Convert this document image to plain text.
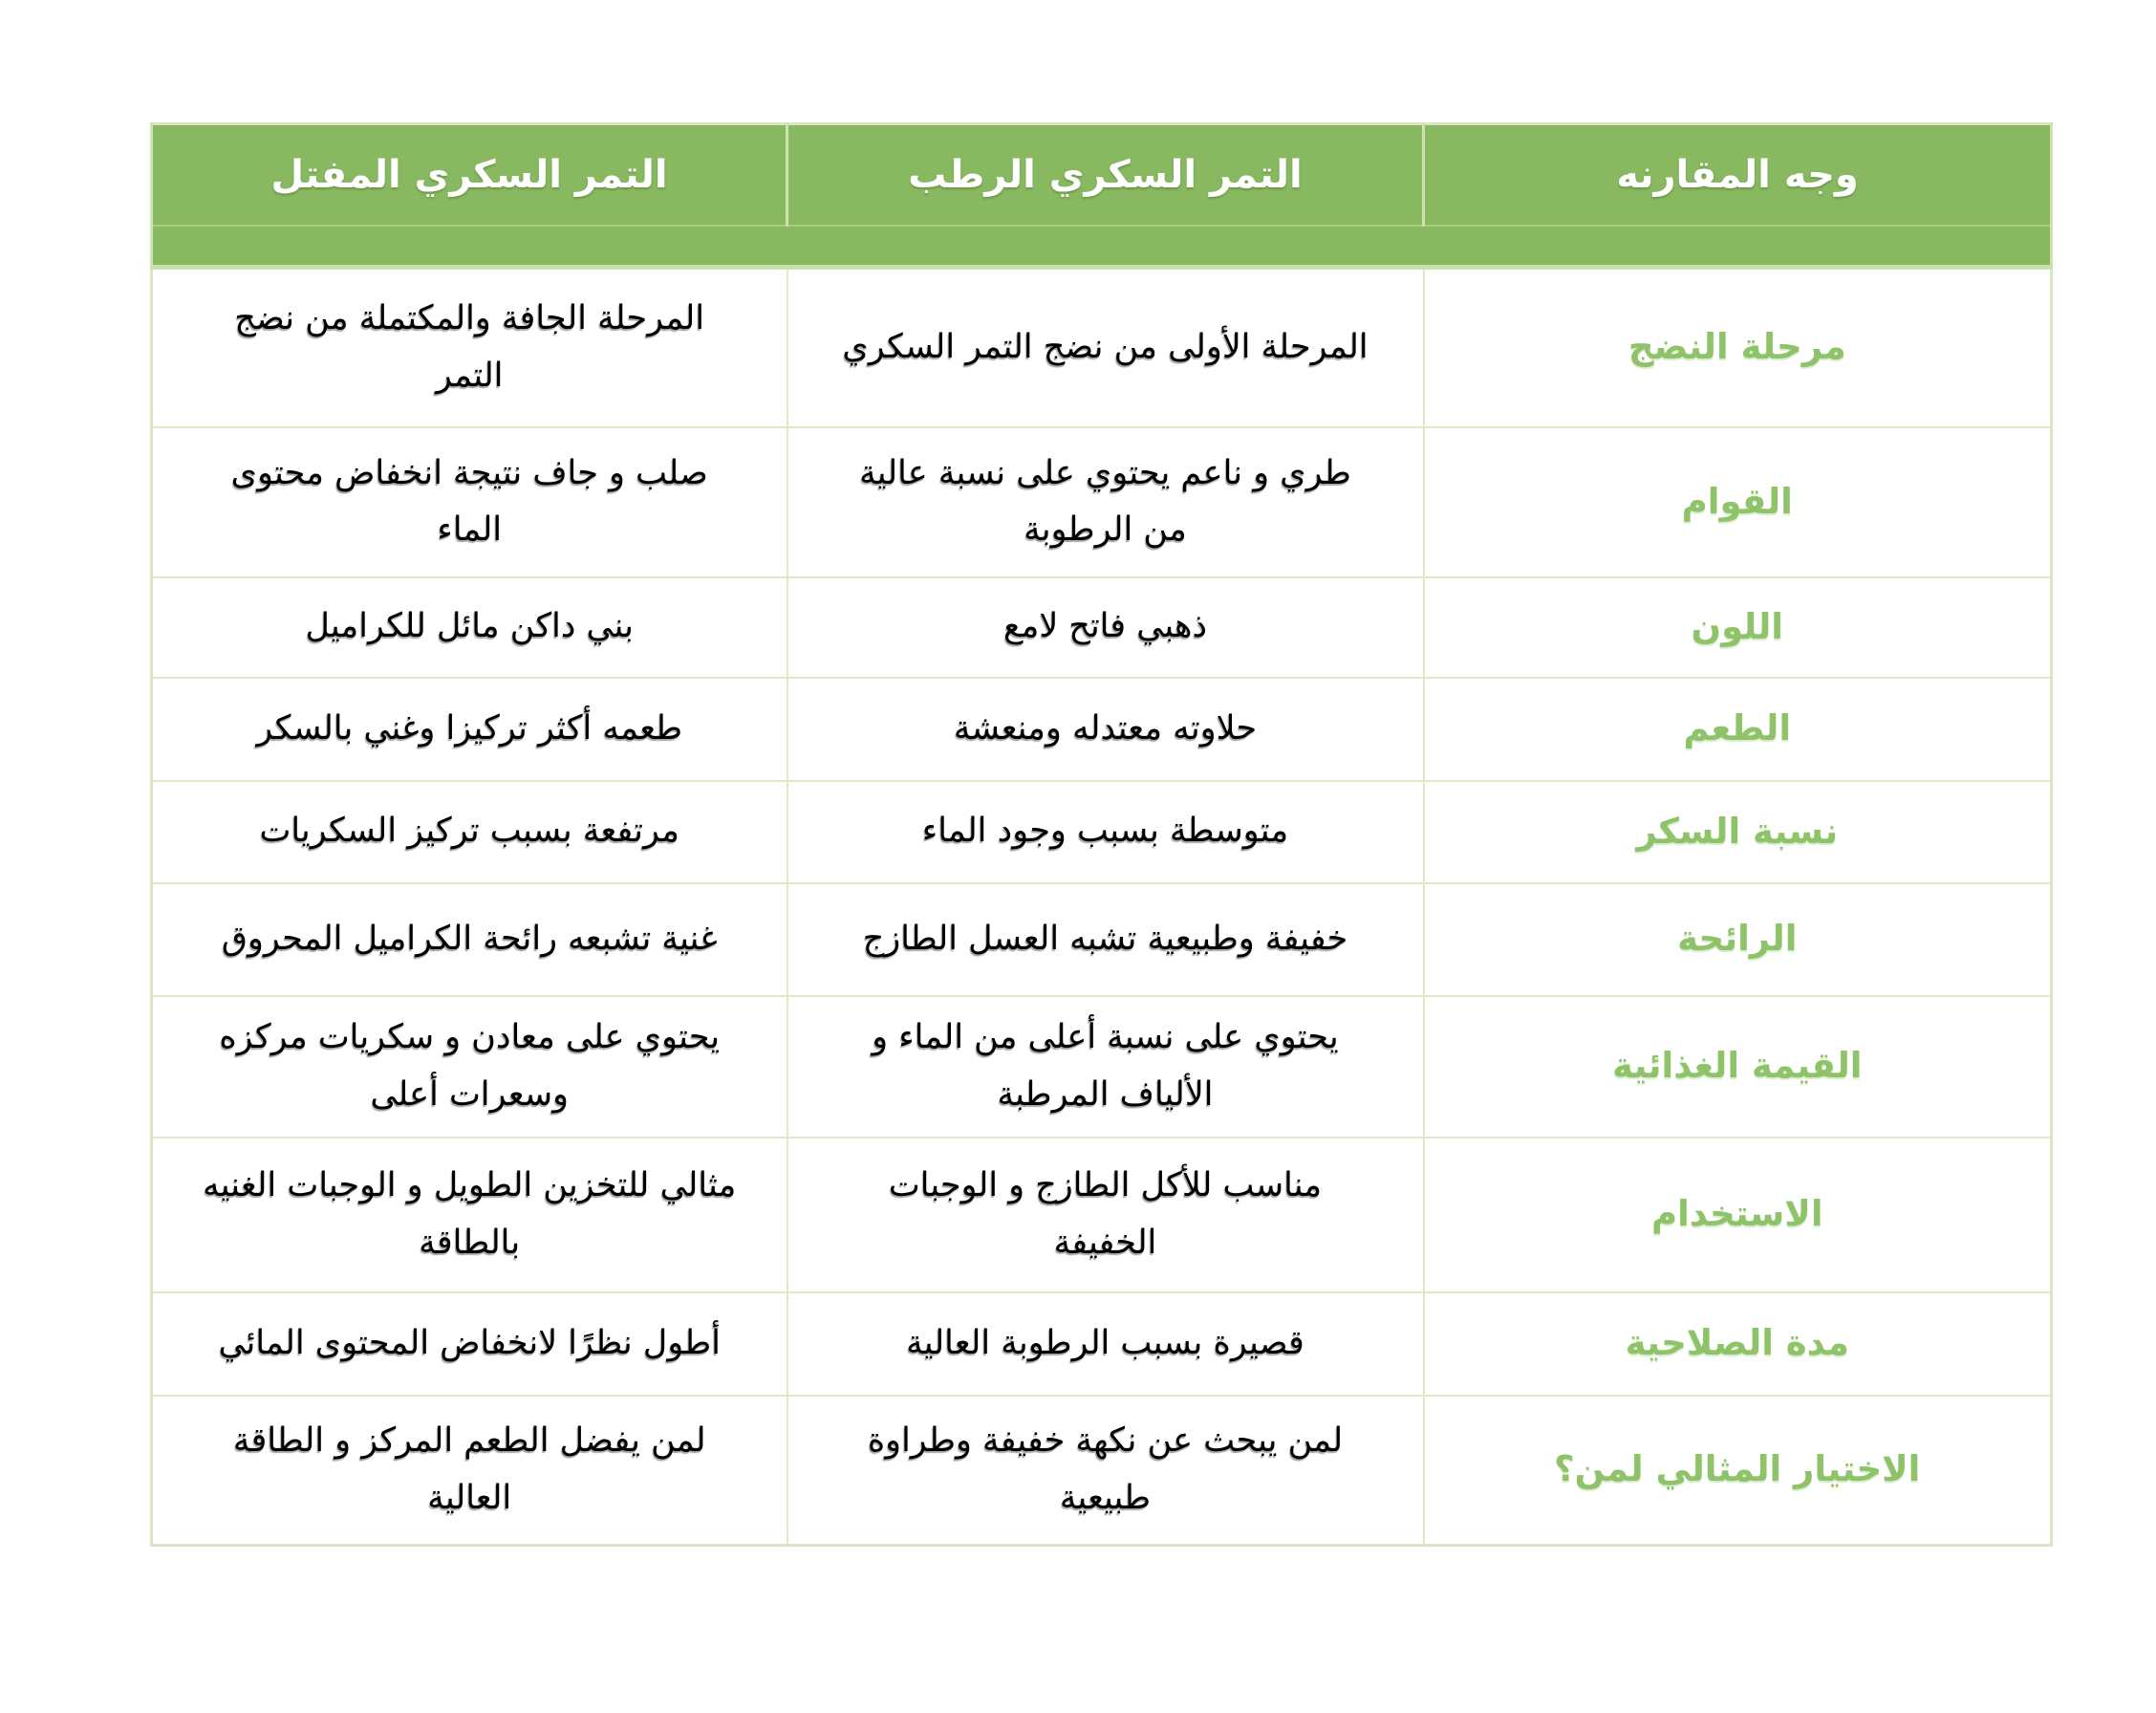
وجه المقارنه	التمر السكري الرطب	التمر السكري المفتل

مرحلة النضج	المرحلة الأولى من نضج التمر السكري	المرحلة الجافة والمكتملة من نضج التمر
القوام	طري و ناعم يحتوي على نسبة عالية من الرطوبة	صلب و جاف نتيجة انخفاض محتوى الماء
اللون	ذهبي فاتح لامع	بني داكن مائل للكراميل
الطعم	حلاوته معتدله ومنعشة	طعمه أكثر تركيزا وغني بالسكر
نسبة السكر	متوسطة بسبب وجود الماء	مرتفعة بسبب تركيز السكريات
الرائحة	خفيفة وطبيعية تشبه العسل الطازج	غنية تشبعه رائحة الكراميل المحروق
القيمة الغذائية	يحتوي على نسبة أعلى من الماء و الألياف المرطبة	يحتوي على معادن و سكريات مركزه وسعرات أعلى
الاستخدام	مناسب للأكل الطازج و الوجبات الخفيفة	مثالي للتخزين الطويل و الوجبات الغنيه بالطاقة
مدة الصلاحية	قصيرة بسبب الرطوبة العالية	أطول نظرًا لانخفاض المحتوى المائي
الاختيار المثالي لمن؟	لمن يبحث عن نكهة خفيفة وطراوة طبيعية	لمن يفضل الطعم المركز و الطاقة العالية
